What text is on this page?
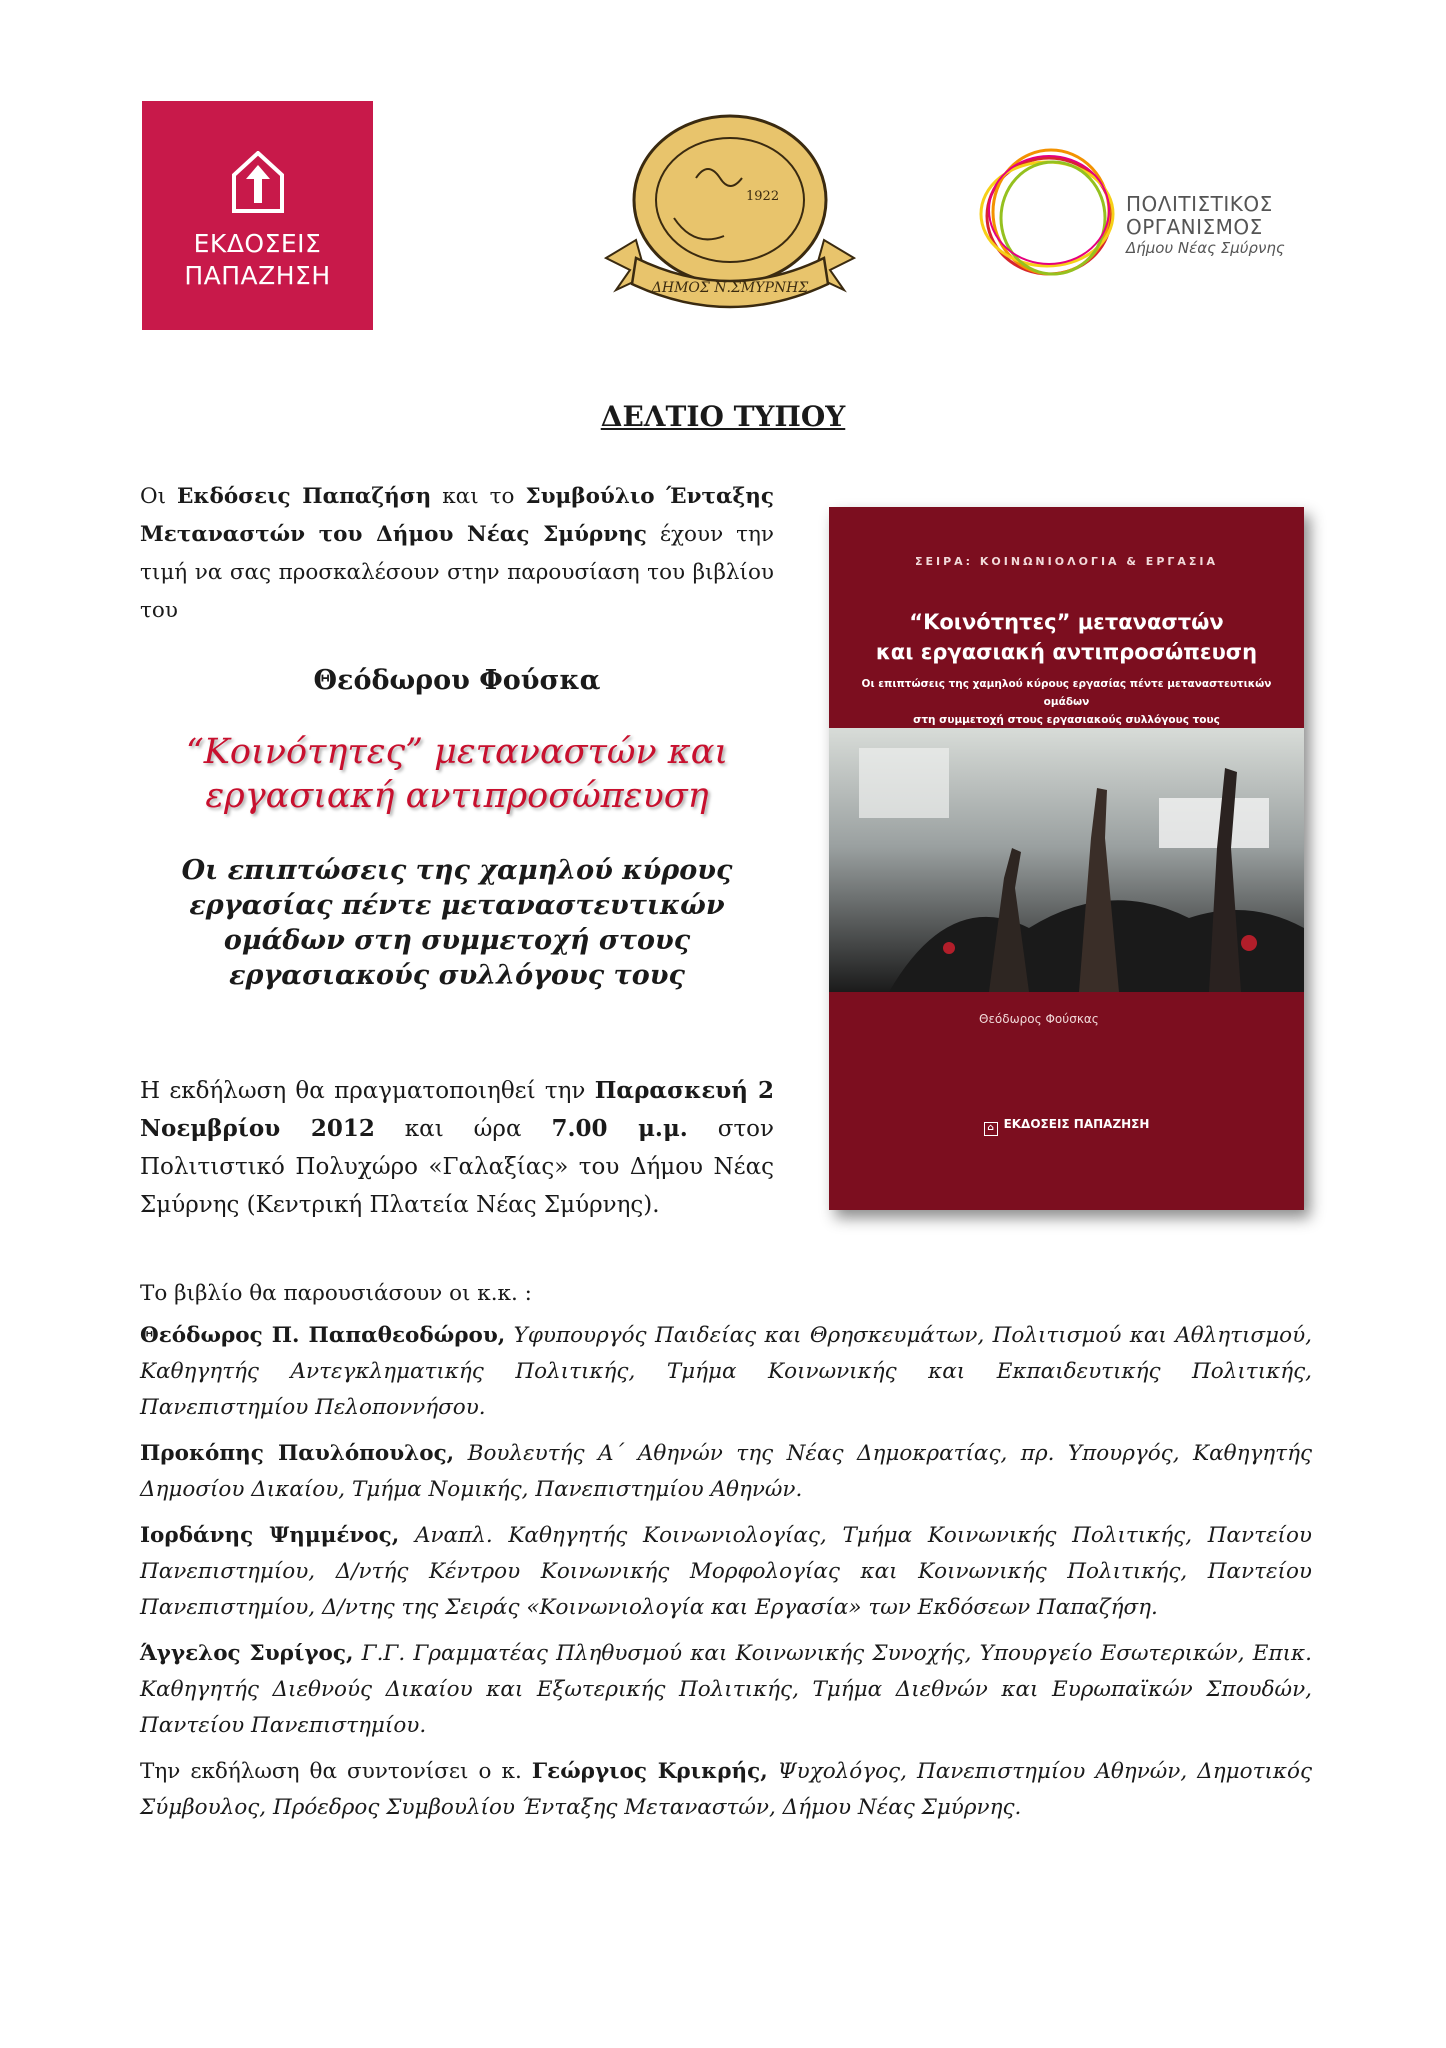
ΕΚΔΟΣΕΙΣ
ΠΑΠΑΖΗΣΗ
1922
ΔΗΜΟΣ Ν.ΣΜΥΡΝΗΣ
ΠΟΛΙΤΙΣΤΙΚΟΣ
ΟΡΓΑΝΙΣΜΟΣ
Δήμου Νέας Σμύρνης
ΔΕΛΤΙΟ ΤΥΠΟΥ
Οι Εκδόσεις Παπαζήση και το Συμβούλιο Ένταξης Μεταναστών του Δήμου Νέας Σμύρνης έχουν την τιμή να σας προσκαλέσουν στην παρουσίαση του βιβλίου του
Θεόδωρου Φούσκα
“Κοινότητες” μεταναστών και εργασιακή αντιπροσώπευση
Οι επιπτώσεις της χαμηλού κύρους εργασίας πέντε μεταναστευτικών ομάδων στη συμμετοχή στους εργασιακούς συλλόγους τους
Η εκδήλωση θα πραγματοποιηθεί την Παρασκευή 2 Νοεμβρίου 2012 και ώρα 7.00 μ.μ. στον Πολιτιστικό Πολυχώρο «Γαλαξίας» του Δήμου Νέας Σμύρνης (Κεντρική Πλατεία Νέας Σμύρνης).
ΣΕΙΡΑ: ΚΟΙΝΩΝΙΟΛΟΓΙΑ & ΕΡΓΑΣΙΑ
“Κοινότητες” μεταναστών
και εργασιακή αντιπροσώπευση
Οι επιπτώσεις της χαμηλού κύρους εργασίας πέντε μεταναστευτικών ομάδων
στη συμμετοχή στους εργασιακούς συλλόγους τους
Θεόδωρος Φούσκας
⌂ ΕΚΔΟΣΕΙΣ ΠΑΠΑΖΗΣΗ
Το βιβλίο θα παρουσιάσουν οι κ.κ. :
Θεόδωρος Π. Παπαθεοδώρου, Υφυπουργός Παιδείας και Θρησκευμάτων, Πολιτισμού και Αθλητισμού, Καθηγητής Αντεγκληματικής Πολιτικής, Τμήμα Κοινωνικής και Εκπαιδευτικής Πολιτικής, Πανεπιστημίου Πελοποννήσου.
Προκόπης Παυλόπουλος, Βουλευτής Α΄ Αθηνών της Νέας Δημοκρατίας, πρ. Υπουργός, Καθηγητής Δημοσίου Δικαίου, Τμήμα Νομικής, Πανεπιστημίου Αθηνών.
Ιορδάνης Ψημμένος, Αναπλ. Καθηγητής Κοινωνιολογίας, Τμήμα Κοινωνικής Πολιτικής, Παντείου Πανεπιστημίου, Δ/ντής Κέντρου Κοινωνικής Μορφολογίας και Κοινωνικής Πολιτικής, Παντείου Πανεπιστημίου, Δ/ντης της Σειράς «Κοινωνιολογία και Εργασία» των Εκδόσεων Παπαζήση.
Άγγελος Συρίγος, Γ.Γ. Γραμματέας Πληθυσμού και Κοινωνικής Συνοχής, Υπουργείο Εσωτερικών, Επικ. Καθηγητής Διεθνούς Δικαίου και Εξωτερικής Πολιτικής, Τμήμα Διεθνών και Ευρωπαϊκών Σπουδών, Παντείου Πανεπιστημίου.
Την εκδήλωση θα συντονίσει ο κ. Γεώργιος Κρικρής, Ψυχολόγος, Πανεπιστημίου Αθηνών, Δημοτικός Σύμβουλος, Πρόεδρος Συμβουλίου Ένταξης Μεταναστών, Δήμου Νέας Σμύρνης.
